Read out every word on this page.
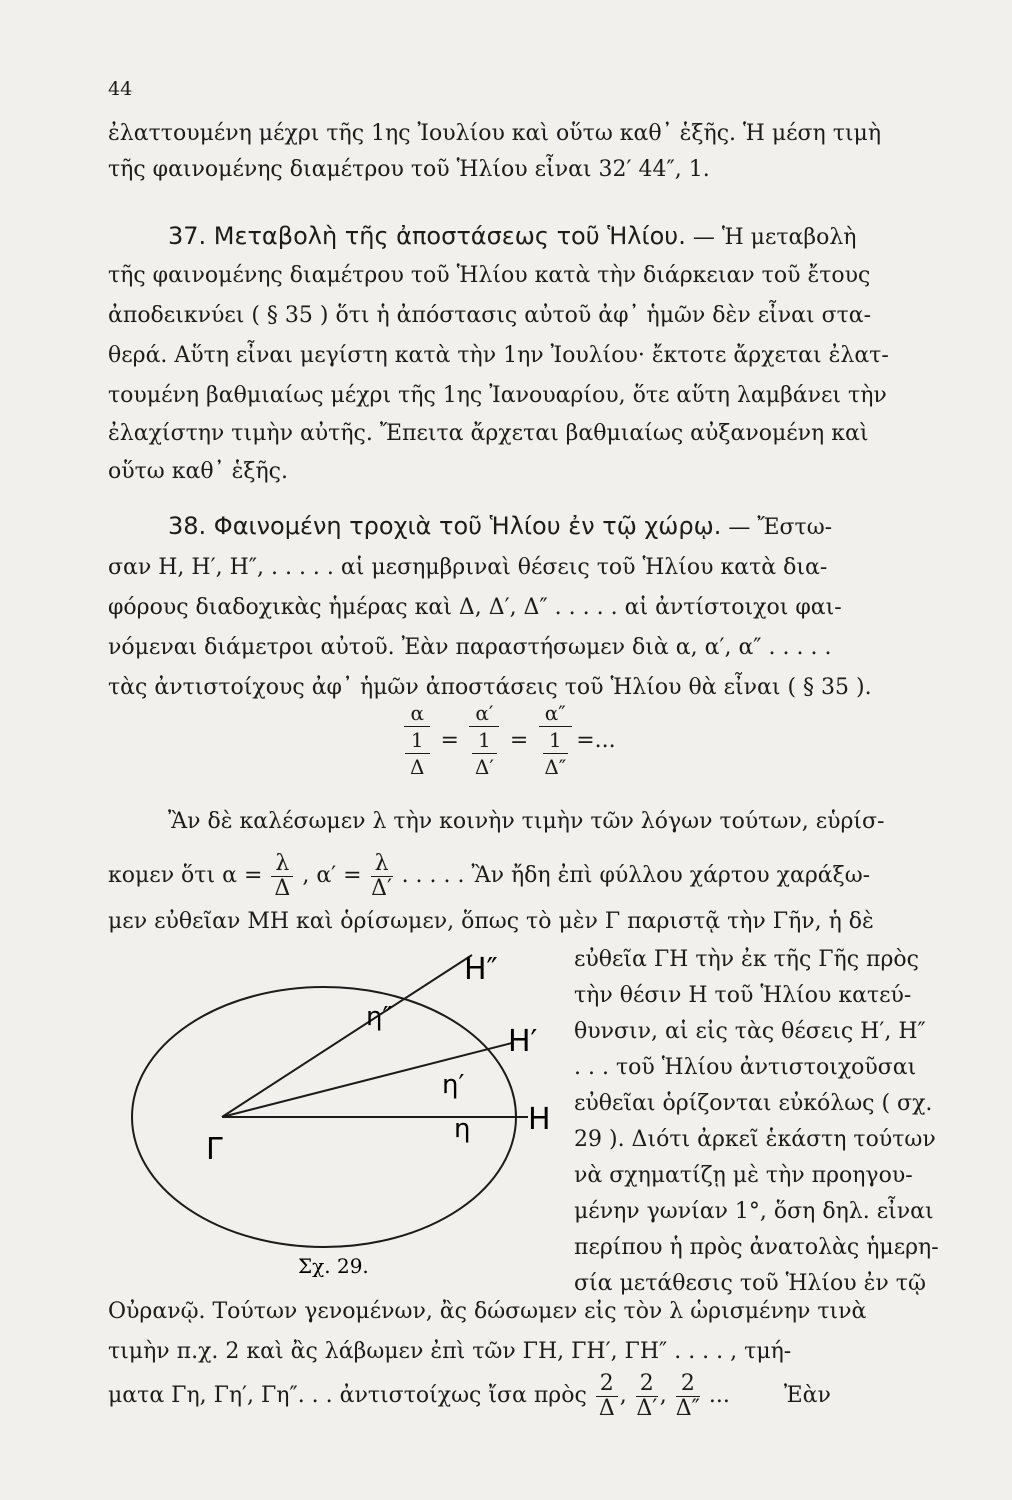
44
ἐλαττουμένη μέχρι τῆς 1ης Ἰουλίου καὶ οὕτω καθ᾽ ἑξῆς. Ἡ μέση τιμὴ
τῆς φαινομένης διαμέτρου τοῦ Ἡλίου εἶναι 32′ 44″, 1.
37. Μεταβολὴ τῆς ἀποστάσεως τοῦ Ἡλίου. — Ἡ μεταβολὴ
τῆς φαινομένης διαμέτρου τοῦ Ἡλίου κατὰ τὴν διάρκειαν τοῦ ἔτους
ἀποδεικνύει ( § 35 ) ὅτι ἡ ἀπόστασις αὐτοῦ ἀφ᾽ ἡμῶν δὲν εἶναι στα-
θερά. Αὕτη εἶναι μεγίστη κατὰ τὴν 1ην Ἰουλίου· ἔκτοτε ἄρχεται ἐλατ-
τουμένη βαθμιαίως μέχρι τῆς 1ης Ἰανουαρίου, ὅτε αὕτη λαμβάνει τὴν
ἐλαχίστην τιμὴν αὐτῆς. Ἔπειτα ἄρχεται βαθμιαίως αὐξανομένη καὶ
οὕτω καθ᾽ ἑξῆς.
38. Φαινομένη τροχιὰ τοῦ Ἡλίου ἐν τῷ χώρῳ. — Ἔστω-
σαν Η, Η′, Η″, . . . . . αἱ μεσημβριναὶ θέσεις τοῦ Ἡλίου κατὰ δια-
φόρους διαδοχικὰς ἡμέρας καὶ Δ, Δ′, Δ″ . . . . . αἱ ἀντίστοιχοι φαι-
νόμεναι διάμετροι αὐτοῦ. Ἐὰν παραστήσωμεν διὰ α, α′, α″ . . . . .
τὰς ἀντιστοίχους ἀφ᾽ ἡμῶν ἀποστάσεις τοῦ Ἡλίου θὰ εἶναι ( § 35 ).
α
1
Δ
=
α′
1
Δ′
=
α″
1
Δ″
=...
Ἂν δὲ καλέσωμεν λ τὴν κοινὴν τιμὴν τῶν λόγων τούτων, εὑρίσ-
κομεν ὅτι $\alpha = \frac{\lambda}{\Delta}$ , $\alpha' = \frac{\lambda}{\Delta'}$ . . . . . Ἂν ἤδη ἐπὶ φύλλου χάρτου χαράξω-
μεν εὐθεῖαν ΜΗ καὶ ὁρίσωμεν, ὅπως τὸ μὲν Γ παριστᾷ τὴν Γῆν, ἡ δὲ
εὐθεῖα ΓΗ τὴν ἐκ τῆς Γῆς πρὸς
τὴν θέσιν Η τοῦ Ἡλίου κατεύ-
θυνσιν, αἱ εἰς τὰς θέσεις Η′, Η″
. . . τοῦ Ἡλίου ἀντιστοιχοῦσαι
εὐθεῖαι ὁρίζονται εὐκόλως ( σχ.
29 ). Διότι ἀρκεῖ ἑκάστη τούτων
νὰ σχηματίζῃ μὲ τὴν προηγου-
μένην γωνίαν 1°, ὅση δηλ. εἶναι
περίπου ἡ πρὸς ἀνατολὰς ἡμερη-
σία μετάθεσις τοῦ Ἡλίου ἐν τῷ
Η″
η″
Η′
η′
Η
η
Γ
Σχ. 29.
Οὐρανῷ. Τούτων γενομένων, ἂς δώσωμεν εἰς τὸν λ ὡρισμένην τινὰ
τιμὴν π.χ. 2 καὶ ἂς λάβωμεν ἐπὶ τῶν ΓΗ, ΓΗ′, ΓΗ″ . . . . , τμή-
ματα Γη, Γη′, Γη″. . . ἀντιστοίχως ἴσα πρὸς $\frac{2}{\Delta}$ , $\frac{2}{\Delta'}$ , $\frac{2}{\Delta''}$ ... Ἐὰν
